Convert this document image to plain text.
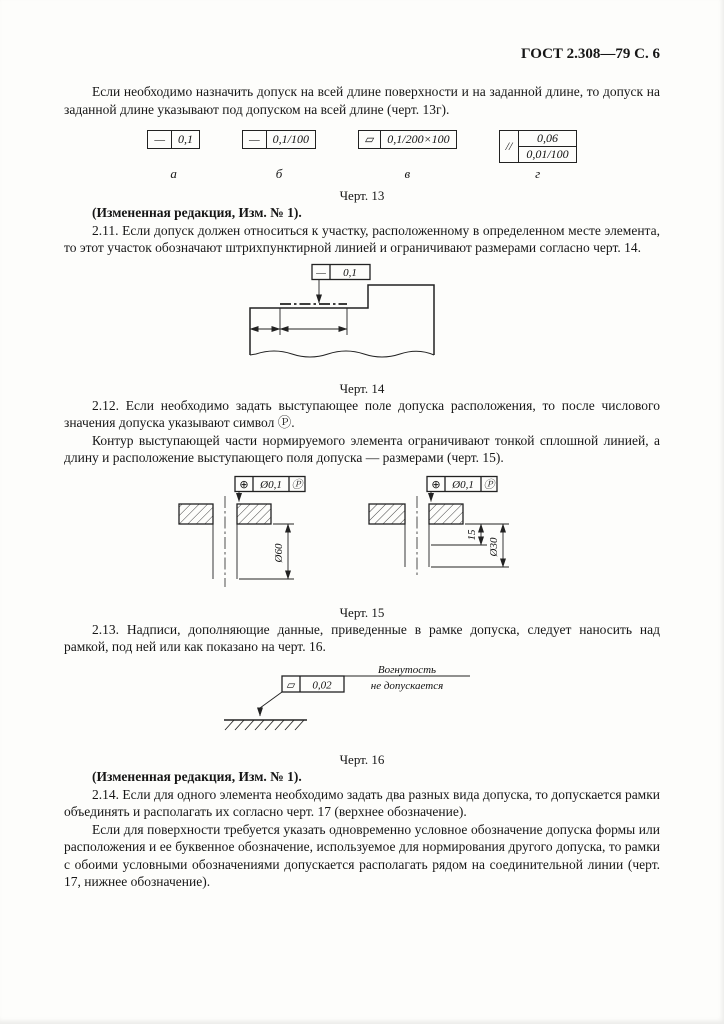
ГОСТ 2.308—79 С. 6

Если необходимо назначить допуск на всей длине поверхности и на заданной длине, то допуск на заданной длине указывают под допуском на всей длине (черт. 13г).

—	0,1
а
—	0,1/100
б
▱	0,1/200×100
в
//
0,06
0,01/100
г
Черт. 13

(Измененная редакция, Изм. № 1).

2.11. Если допуск должен относиться к участку, расположенному в определенном месте элемента, то этот участок обозначают штрихпунктирной линией и ограничивают размерами согласно черт. 14.

— 0,1
Черт. 14

2.12. Если необходимо задать выступающее поле допуска расположения, то после числового значения допуска указывают символ Ⓟ.

Контур выступающей части нормируемого элемента ограничивают тонкой сплошной линией, а длину и расположение выступающего поля допуска — размерами (черт. 15).

⊕ Ø0,1 Ⓟ
Ø60
⊕ Ø0,1 Ⓟ
15
Ø30
Черт. 15

2.13. Надписи, дополняющие данные, приведенные в рамке допуска, следует наносить над рамкой, под ней или как показано на черт. 16.

▱ 0,02
Вогнутость
не допускается
Черт. 16

(Измененная редакция, Изм. № 1).

2.14. Если для одного элемента необходимо задать два разных вида допуска, то допускается рамки объединять и располагать их согласно черт. 17 (верхнее обозначение).

Если для поверхности требуется указать одновременно условное обозначение допуска формы или расположения и ее буквенное обозначение, используемое для нормирования другого допуска, то рамки с обоими условными обозначениями допускается располагать рядом на соединительной линии (черт. 17, нижнее обозначение).
